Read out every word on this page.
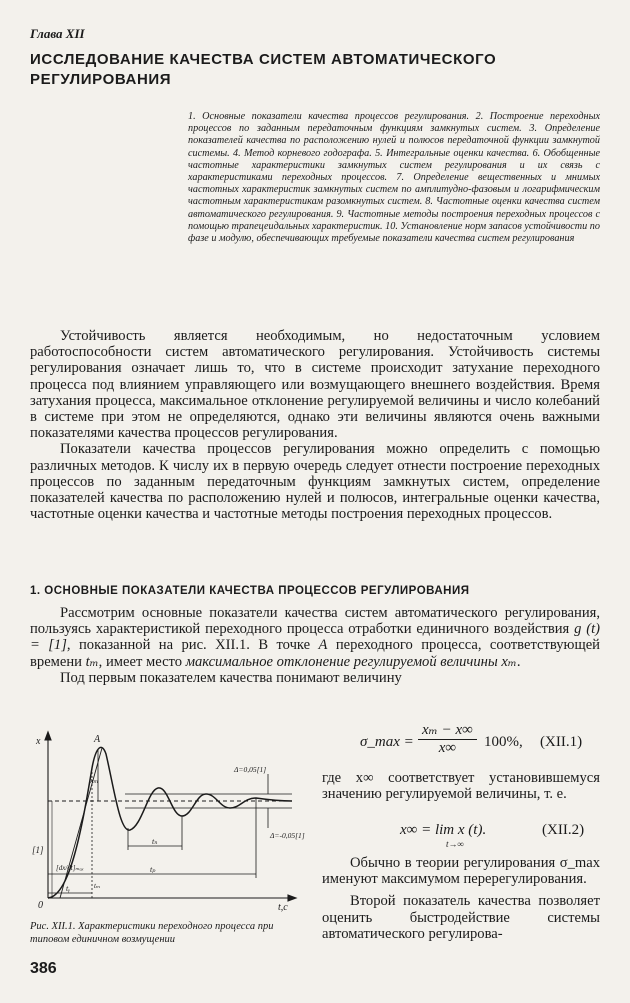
Глава XII
ИССЛЕДОВАНИЕ КАЧЕСТВА СИСТЕМ АВТОМАТИЧЕСКОГО РЕГУЛИРОВАНИЯ
1. Основные показатели качества процессов регулирования. 2. Построение переходных процессов по заданным передаточным функциям замкнутых систем. 3. Определение показателей качества по расположению нулей и полюсов передаточной функции замкнутой системы. 4. Метод корневого годографа. 5. Интегральные оценки качества. 6. Обобщенные частотные характеристики замкнутых систем регулирования и их связь с характеристиками переходных процессов. 7. Определение вещественных и мнимых частотных характеристик замкнутых систем по амплитудно-фазовым и логарифмическим частотным характеристикам разомкнутых систем. 8. Частотные оценки качества систем автоматического регулирования. 9. Частотные методы построения переходных процессов с помощью трапецеидальных характеристик. 10. Установление норм запасов устойчивости по фазе и модулю, обеспечивающих требуемые показатели качества систем регулирования

Устойчивость является необходимым, но недостаточным условием работоспособности систем автоматического регулирования. Устойчивость системы регулирования означает лишь то, что в системе происходит затухание переходного процесса под влиянием управляющего или возмущающего внешнего воздействия. Время затухания процесса, максимальное отклонение регулируемой величины и число колебаний в системе при этом не определяются, однако эти величины являются очень важными показателями качества процессов регулирования.

Показатели качества процессов регулирования можно определить с помощью различных методов. К числу их в первую очередь следует отнести построение переходных процессов по заданным передаточным функциям замкнутых систем, определение показателей качества по расположению нулей и полюсов, интегральные оценки качества, частотные оценки качества и частотные методы построения переходных процессов.

1. ОСНОВНЫЕ ПОКАЗАТЕЛИ КАЧЕСТВА ПРОЦЕССОВ РЕГУЛИРОВАНИЯ

Рассмотрим основные показатели качества систем автоматического регулирования, пользуясь характеристикой переходного процесса отработки единичного воздействия g (t) = [1], показанной на рис. XII.1. В точке A переходного процесса, соответствующей времени tₘ, имеет место максимальное отклонение регулируемой величины xₘ.

Под первым показателем качества понимают величину

x
t,c
0
A
xₘ
Δ=0,05[1]
Δ=-0,05[1]
[1]
tᵧ
tₚ
tₙ
[dx/dt]ₘₐₓ
tₘ
Рис. XII.1. Характеристики переходного процесса при типовом единичном возмущении
386
σ_max = $\frac{\text{xₘ − x∞}}{x\infty} 100\%$, (XII.1)
где x∞ соответствует установившемуся значению регулируемой величины, т. е.
x∞ = lim x (t).
t→∞
(XII.2)
Обычно в теории регулирования σ_max именуют максимумом перерегулирования.
Второй показатель качества позволяет оценить быстродействие системы автоматического регулирова-
